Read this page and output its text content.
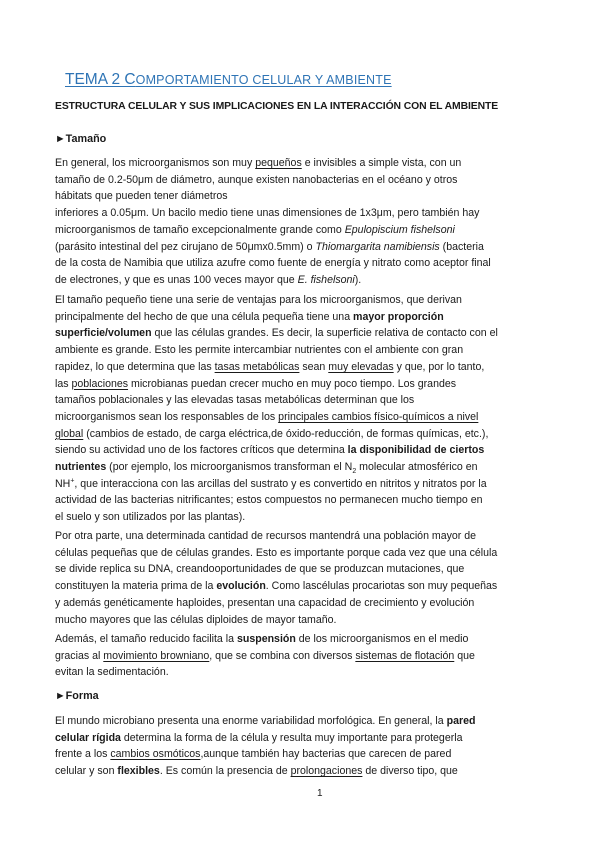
TEMA 2 COMPORTAMIENTO CELULAR Y AMBIENTE
ESTRUCTURA CELULAR Y SUS IMPLICACIONES EN LA INTERACCIÓN CON EL AMBIENTE
►Tamaño
En general, los microorganismos son muy pequeños e invisibles a simple vista, con un
tamaño de 0.2-50μm de diámetro, aunque existen nanobacterias en el océano y otros
hábitats que pueden tener diámetros
inferiores a 0.05μm. Un bacilo medio tiene unas dimensiones de 1x3μm, pero también hay
microorganismos de tamaño excepcionalmente grande como Epulopiscium fishelsoni
(parásito intestinal del pez cirujano de 50μmx0.5mm) o Thiomargarita namibiensis (bacteria
de la costa de Namibia que utiliza azufre como fuente de energía y nitrato como aceptor final
de electrones, y que es unas 100 veces mayor que E. fishelsoni).
El tamaño pequeño tiene una serie de ventajas para los microorganismos, que derivan
principalmente del hecho de que una célula pequeña tiene una mayor proporción
superficie/volumen que las células grandes. Es decir, la superficie relativa de contacto con el
ambiente es grande. Esto les permite intercambiar nutrientes con el ambiente con gran
rapidez, lo que determina que las tasas metabólicas sean muy elevadas y que, por lo tanto,
las poblaciones microbianas puedan crecer mucho en muy poco tiempo. Los grandes
tamaños poblacionales y las elevadas tasas metabólicas determinan que los
microorganismos sean los responsables de los principales cambios físico-químicos a nivel
global (cambios de estado, de carga eléctrica,de óxido-reducción, de formas químicas, etc.),
siendo su actividad uno de los factores críticos que determina la disponibilidad de ciertos
nutrientes (por ejemplo, los microorganismos transforman el $N_2$ molecular atmosférico en
NH+, que interacciona con las arcillas del sustrato y es convertido en nitritos y nitratos por la
actividad de las bacterias nitrificantes; estos compuestos no permanecen mucho tiempo en
el suelo y son utilizados por las plantas).
Por otra parte, una determinada cantidad de recursos mantendrá una población mayor de
células pequeñas que de células grandes. Esto es importante porque cada vez que una célula
se divide replica su DNA, creandooportunidades de que se produzcan mutaciones, que
constituyen la materia prima de la evolución. Como lascélulas procariotas son muy pequeñas
y además genéticamente haploides, presentan una capacidad de crecimiento y evolución
mucho mayores que las células diploides de mayor tamaño.
Además, el tamaño reducido facilita la suspensión de los microorganismos en el medio
gracias al movimiento browniano, que se combina con diversos sistemas de flotación que
evitan la sedimentación.
►Forma
El mundo microbiano presenta una enorme variabilidad morfológica. En general, la pared
celular rígida determina la forma de la célula y resulta muy importante para protegerla
frente a los cambios osmóticos,aunque también hay bacterias que carecen de pared
celular y son flexibles. Es común la presencia de prolongaciones de diverso tipo, que
1
